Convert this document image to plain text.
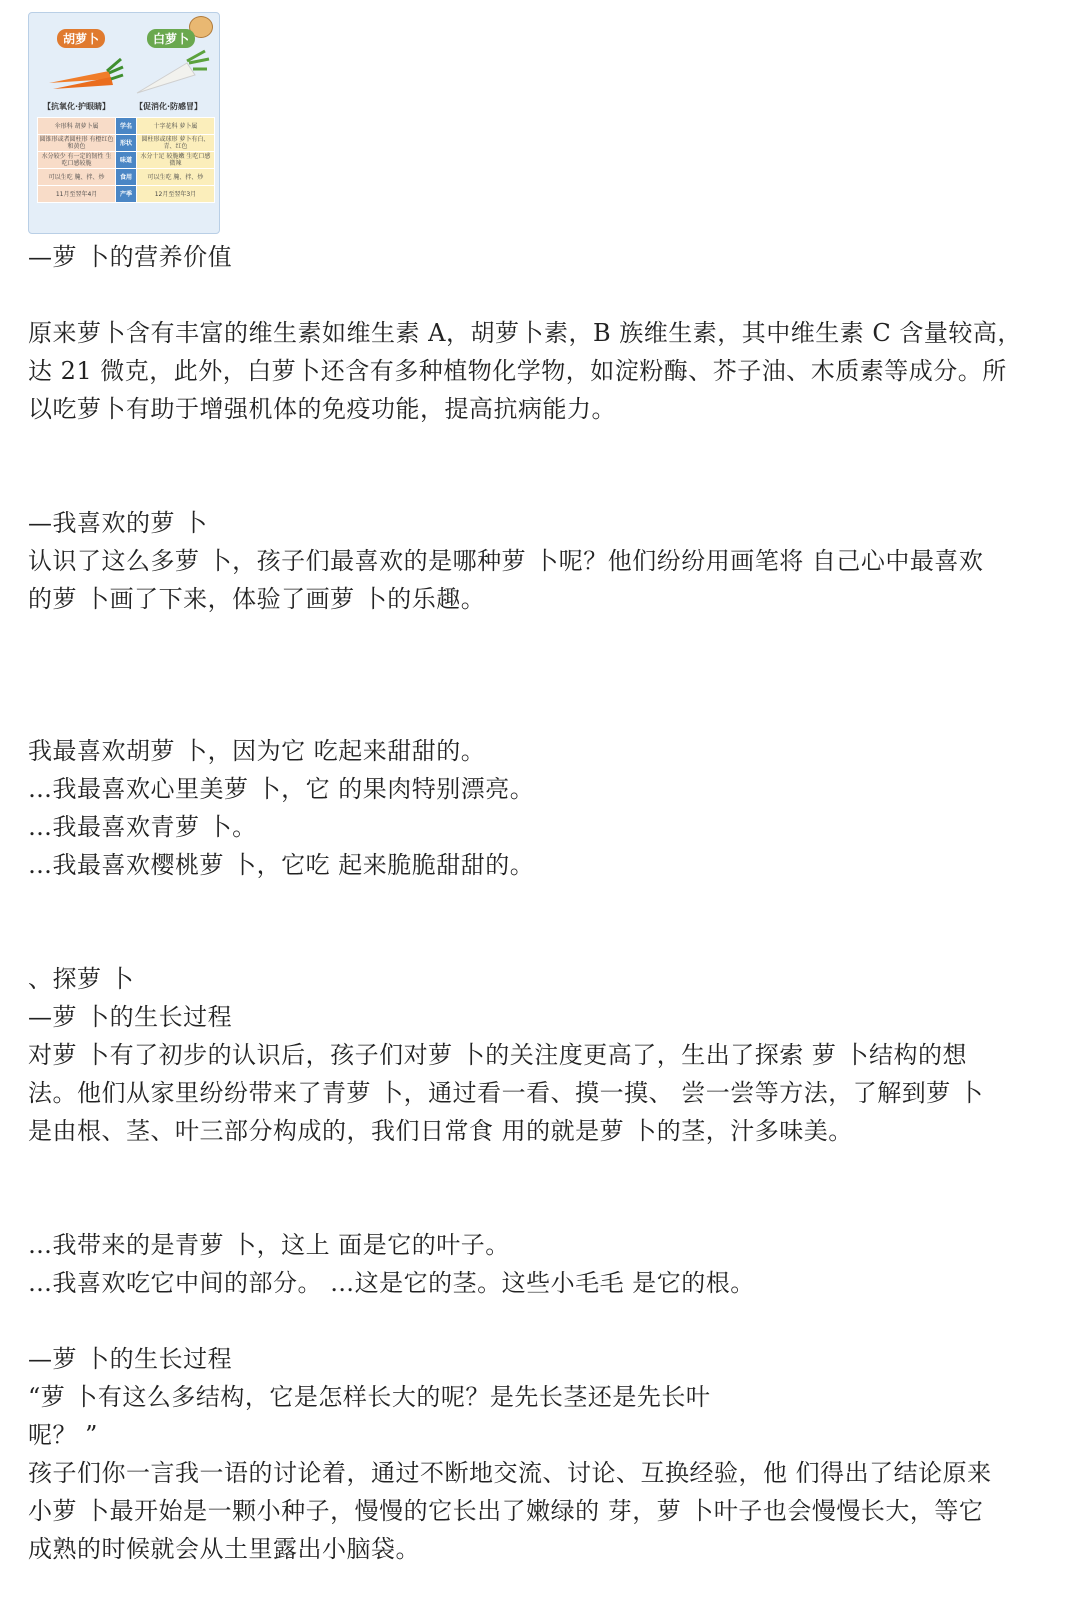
胡萝卜	白萝卜
【抗氧化·护眼睛】	【促消化·防感冒】
伞形科 胡萝卜属	学名	十字花科 萝卜属
圆锥形或者圆柱形 有橙红色和黄色	形状	圆柱形或球形 萝卜有白、青、红色
水分较少 有一定的韧性 生吃口感较脆	味道	水分十足 较脆嫩 生吃口感微辣
可以生吃 腌、拌、炒	食用	可以生吃 腌、拌、炒
11月至翌年4月	产季	12月至翌年3月
—萝 卜的营养价值
原来萝卜含有丰富的维生素如维生素 A，胡萝卜素，B 族维生素，其中维生素 C 含量较高，
达 21 微克，此外，白萝卜还含有多种植物化学物，如淀粉酶、芥子油、木质素等成分。所
以吃萝卜有助于增强机体的免疫功能，提高抗病能力。
—我喜欢的萝 卜
认识了这么多萝 卜，孩子们最喜欢的是哪种萝 卜呢？他们纷纷用画笔将 自己心中最喜欢
的萝 卜画了下来，体验了画萝 卜的乐趣。
我最喜欢胡萝 卜，因为它 吃起来甜甜的。
…我最喜欢心里美萝 卜，它 的果肉特别漂亮。
…我最喜欢青萝 卜。
…我最喜欢樱桃萝 卜，它吃 起来脆脆甜甜的。
、探萝 卜
—萝 卜的生长过程
对萝 卜有了初步的认识后，孩子们对萝 卜的关注度更高了，生出了探索 萝 卜结构的想
法。他们从家里纷纷带来了青萝 卜，通过看一看、摸一摸、 尝一尝等方法，了解到萝 卜
是由根、茎、叶三部分构成的，我们日常食 用的就是萝 卜的茎，汁多味美。
…我带来的是青萝 卜，这上 面是它的叶子。
…我喜欢吃它中间的部分。 …这是它的茎。这些小毛毛 是它的根。
—萝 卜的生长过程
“萝 卜有这么多结构，它是怎样长大的呢？是先长茎还是先长叶
呢？ ”
孩子们你一言我一语的讨论着，通过不断地交流、讨论、互换经验，他 们得出了结论原来
小萝 卜最开始是一颗小种子，慢慢的它长出了嫩绿的 芽，萝 卜叶子也会慢慢长大，等它
成熟的时候就会从土里露出小脑袋。
